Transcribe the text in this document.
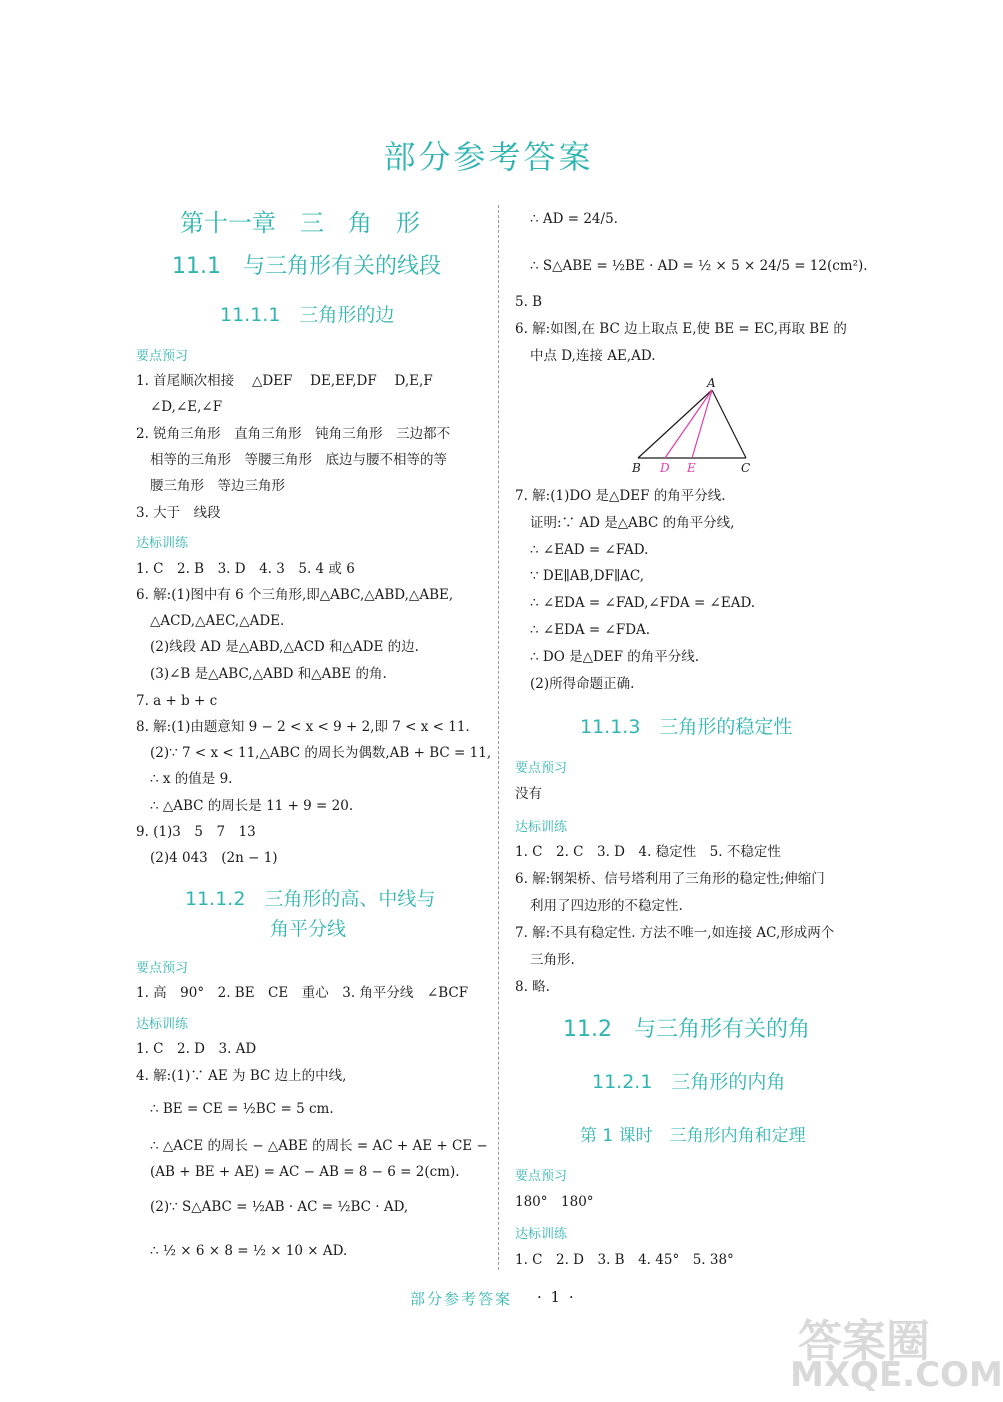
部分参考答案
第十一章　三　角　形
11.1　与三角形有关的线段
11.1.1　三角形的边
要点预习
1. 首尾顺次相接　 △DEF　 DE,EF,DF　 D,E,F
∠D,∠E,∠F
2. 锐角三角形　直角三角形　钝角三角形　三边都不
相等的三角形　等腰三角形　底边与腰不相等的等
腰三角形　等边三角形
3. 大于　线段
达标训练
1. C　2. B　3. D　4. 3　5. 4 或 6
6. 解:(1)图中有 6 个三角形,即△ABC,△ABD,△ABE,
△ACD,△AEC,△ADE.
(2)线段 AD 是△ABD,△ACD 和△ADE 的边.
(3)∠B 是△ABC,△ABD 和△ABE 的角.
7. a + b + c
8. 解:(1)由题意知 9 − 2 < x < 9 + 2,即 7 < x < 11.
(2)∵ 7 < x < 11,△ABC 的周长为偶数,AB + BC = 11,
∴ x 的值是 9.
∴ △ABC 的周长是 11 + 9 = 20.
9. (1)3　5　7　13
(2)4 043　(2n − 1)
11.1.2　三角形的高、中线与
角平分线
要点预习
1. 高　90°　2. BE　CE　重心　3. 角平分线　∠BCF
达标训练
1. C　2. D　3. AD
4. 解:(1)∵ AE 为 BC 边上的中线,
∴ BE = CE = ½BC = 5 cm.
∴ △ACE 的周长 − △ABE 的周长 = AC + AE + CE −
(AB + BE + AE) = AC − AB = 8 − 6 = 2(cm).
(2)∵ S△ABC = ½AB · AC = ½BC · AD,
∴ ½ × 6 × 8 = ½ × 10 × AD.
∴ AD = 24/5.
∴ S△ABE = ½BE · AD = ½ × 5 × 24/5 = 12(cm²).
5. B
6. 解:如图,在 BC 边上取点 E,使 BE = EC,再取 BE 的
中点 D,连接 AE,AD.
A
B	C
D E
7. 解:(1)DO 是△DEF 的角平分线.
证明:∵ AD 是△ABC 的角平分线,
∴ ∠EAD = ∠FAD.
∵ DE∥AB,DF∥AC,
∴ ∠EDA = ∠FAD,∠FDA = ∠EAD.
∴ ∠EDA = ∠FDA.
∴ DO 是△DEF 的角平分线.
(2)所得命题正确.
11.1.3　三角形的稳定性
要点预习
没有
达标训练
1. C　2. C　3. D　4. 稳定性　5. 不稳定性
6. 解:钢架桥、信号塔利用了三角形的稳定性;伸缩门
利用了四边形的不稳定性.
7. 解:不具有稳定性. 方法不唯一,如连接 AC,形成两个
三角形.
8. 略.
11.2　与三角形有关的角
11.2.1　三角形的内角
第 1 课时　三角形内角和定理
要点预习
180°　180°
达标训练
1. C　2. D　3. B　4. 45°　5. 38°
部分参考答案 · 1 ·
答案圈
MXQE.COM
